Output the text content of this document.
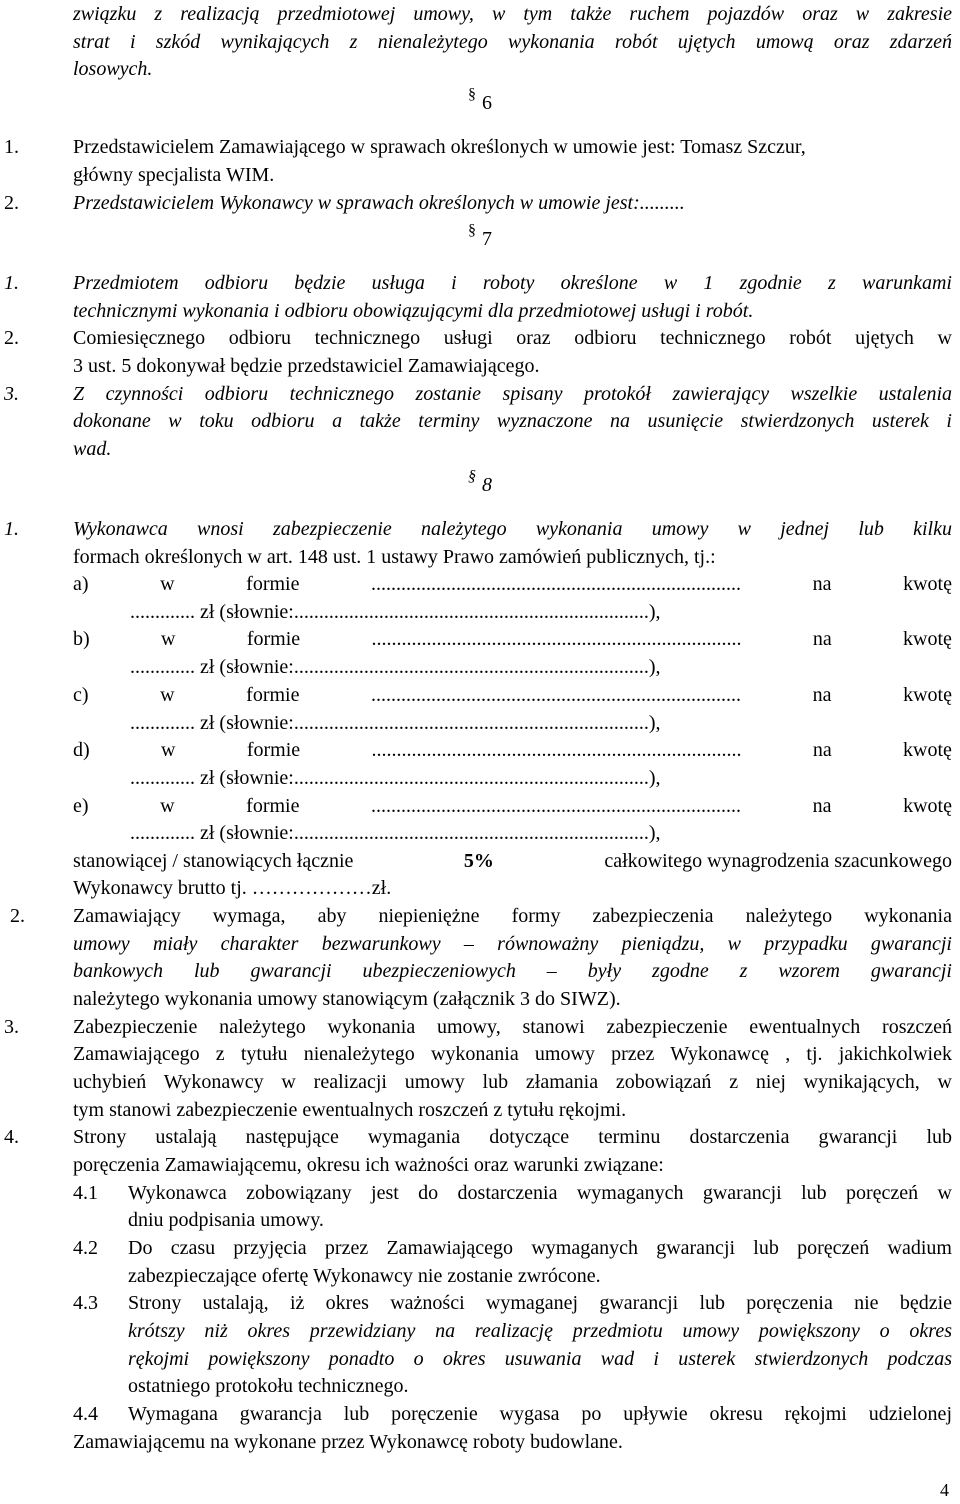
związku z realizacją przedmiotowej umowy, w tym także ruchem pojazdów oraz w zakresie
strat i szkód wynikających z nienależytego wykonania robót ujętych umową oraz zdarzeń
losowych.
§ 6
1.	Przedstawicielem Zamawiającego w sprawach określonych w umowie jest: Tomasz Szczur,
główny specjalista WIM.
2.	Przedstawicielem Wykonawcy w sprawach określonych w umowie jest:.........
§ 7
1.	Przedmiotem odbioru będzie usługa i roboty określone w 1 zgodnie z warunkami
technicznymi wykonania i odbioru obowiązującymi dla przedmiotowej usługi i robót.
2.	Comiesięcznego odbioru technicznego usługi oraz odbioru technicznego robót ujętych w
3 ust. 5 dokonywał będzie przedstawiciel Zamawiającego.
3.	Z czynności odbioru technicznego zostanie spisany protokół zawierający wszelkie ustalenia
dokonane w toku odbioru a także terminy wyznaczone na usunięcie stwierdzonych usterek i
wad.
§ 8
1.	Wykonawca wnosi zabezpieczenie należytego wykonania umowy w jednej lub kilku
formach określonych w art. 148 ust. 1 ustawy Prawo zamówień publicznych, tj.:
a)	w	formie	..........................................................................	na	kwotę
............. zł (słownie:.......................................................................),
b)	w	formie	..........................................................................	na	kwotę
............. zł (słownie:.......................................................................),
c)	w	formie	..........................................................................	na	kwotę
............. zł (słownie:.......................................................................),
d)	w	formie	..........................................................................	na	kwotę
............. zł (słownie:.......................................................................),
e)	w	formie	..........................................................................	na	kwotę
............. zł (słownie:.......................................................................),
stanowiącej / stanowiących łącznie	5%	całkowitego wynagrodzenia szacunkowego
Wykonawcy brutto tj. ………………zł.
2. Zamawiający wymaga, aby niepieniężne formy zabezpieczenia należytego wykonania
umowy miały charakter bezwarunkowy – równoważny pieniądzu, w przypadku gwarancji
bankowych lub gwarancji ubezpieczeniowych – były zgodne z wzorem gwarancji
należytego wykonania umowy stanowiącym (załącznik 3 do SIWZ).
3.	Zabezpieczenie należytego wykonania umowy, stanowi zabezpieczenie ewentualnych roszczeń
Zamawiającego z tytułu nienależytego wykonania umowy przez Wykonawcę , tj. jakichkolwiek
uchybień Wykonawcy w realizacji umowy lub złamania zobowiązań z niej wynikających, w
tym stanowi zabezpieczenie ewentualnych roszczeń z tytułu rękojmi.
4.	Strony ustalają następujące wymagania dotyczące terminu dostarczenia gwarancji lub
poręczenia Zamawiającemu, okresu ich ważności oraz warunki związane:
4.1 Wykonawca zobowiązany jest do dostarczenia wymaganych gwarancji lub poręczeń w
dniu podpisania umowy.
4.2 Do czasu przyjęcia przez Zamawiającego wymaganych gwarancji lub poręczeń wadium
zabezpieczające ofertę Wykonawcy nie zostanie zwrócone.
4.3 Strony ustalają, iż okres ważności wymaganej gwarancji lub poręczenia nie będzie
krótszy niż okres przewidziany na realizację przedmiotu umowy powiększony o okres
rękojmi powiększony ponadto o okres usuwania wad i usterek stwierdzonych podczas
ostatniego protokołu technicznego.
4.4 Wymagana gwarancja lub poręczenie wygasa po upływie okresu rękojmi udzielonej
Zamawiającemu na wykonane przez Wykonawcę roboty budowlane.
4
